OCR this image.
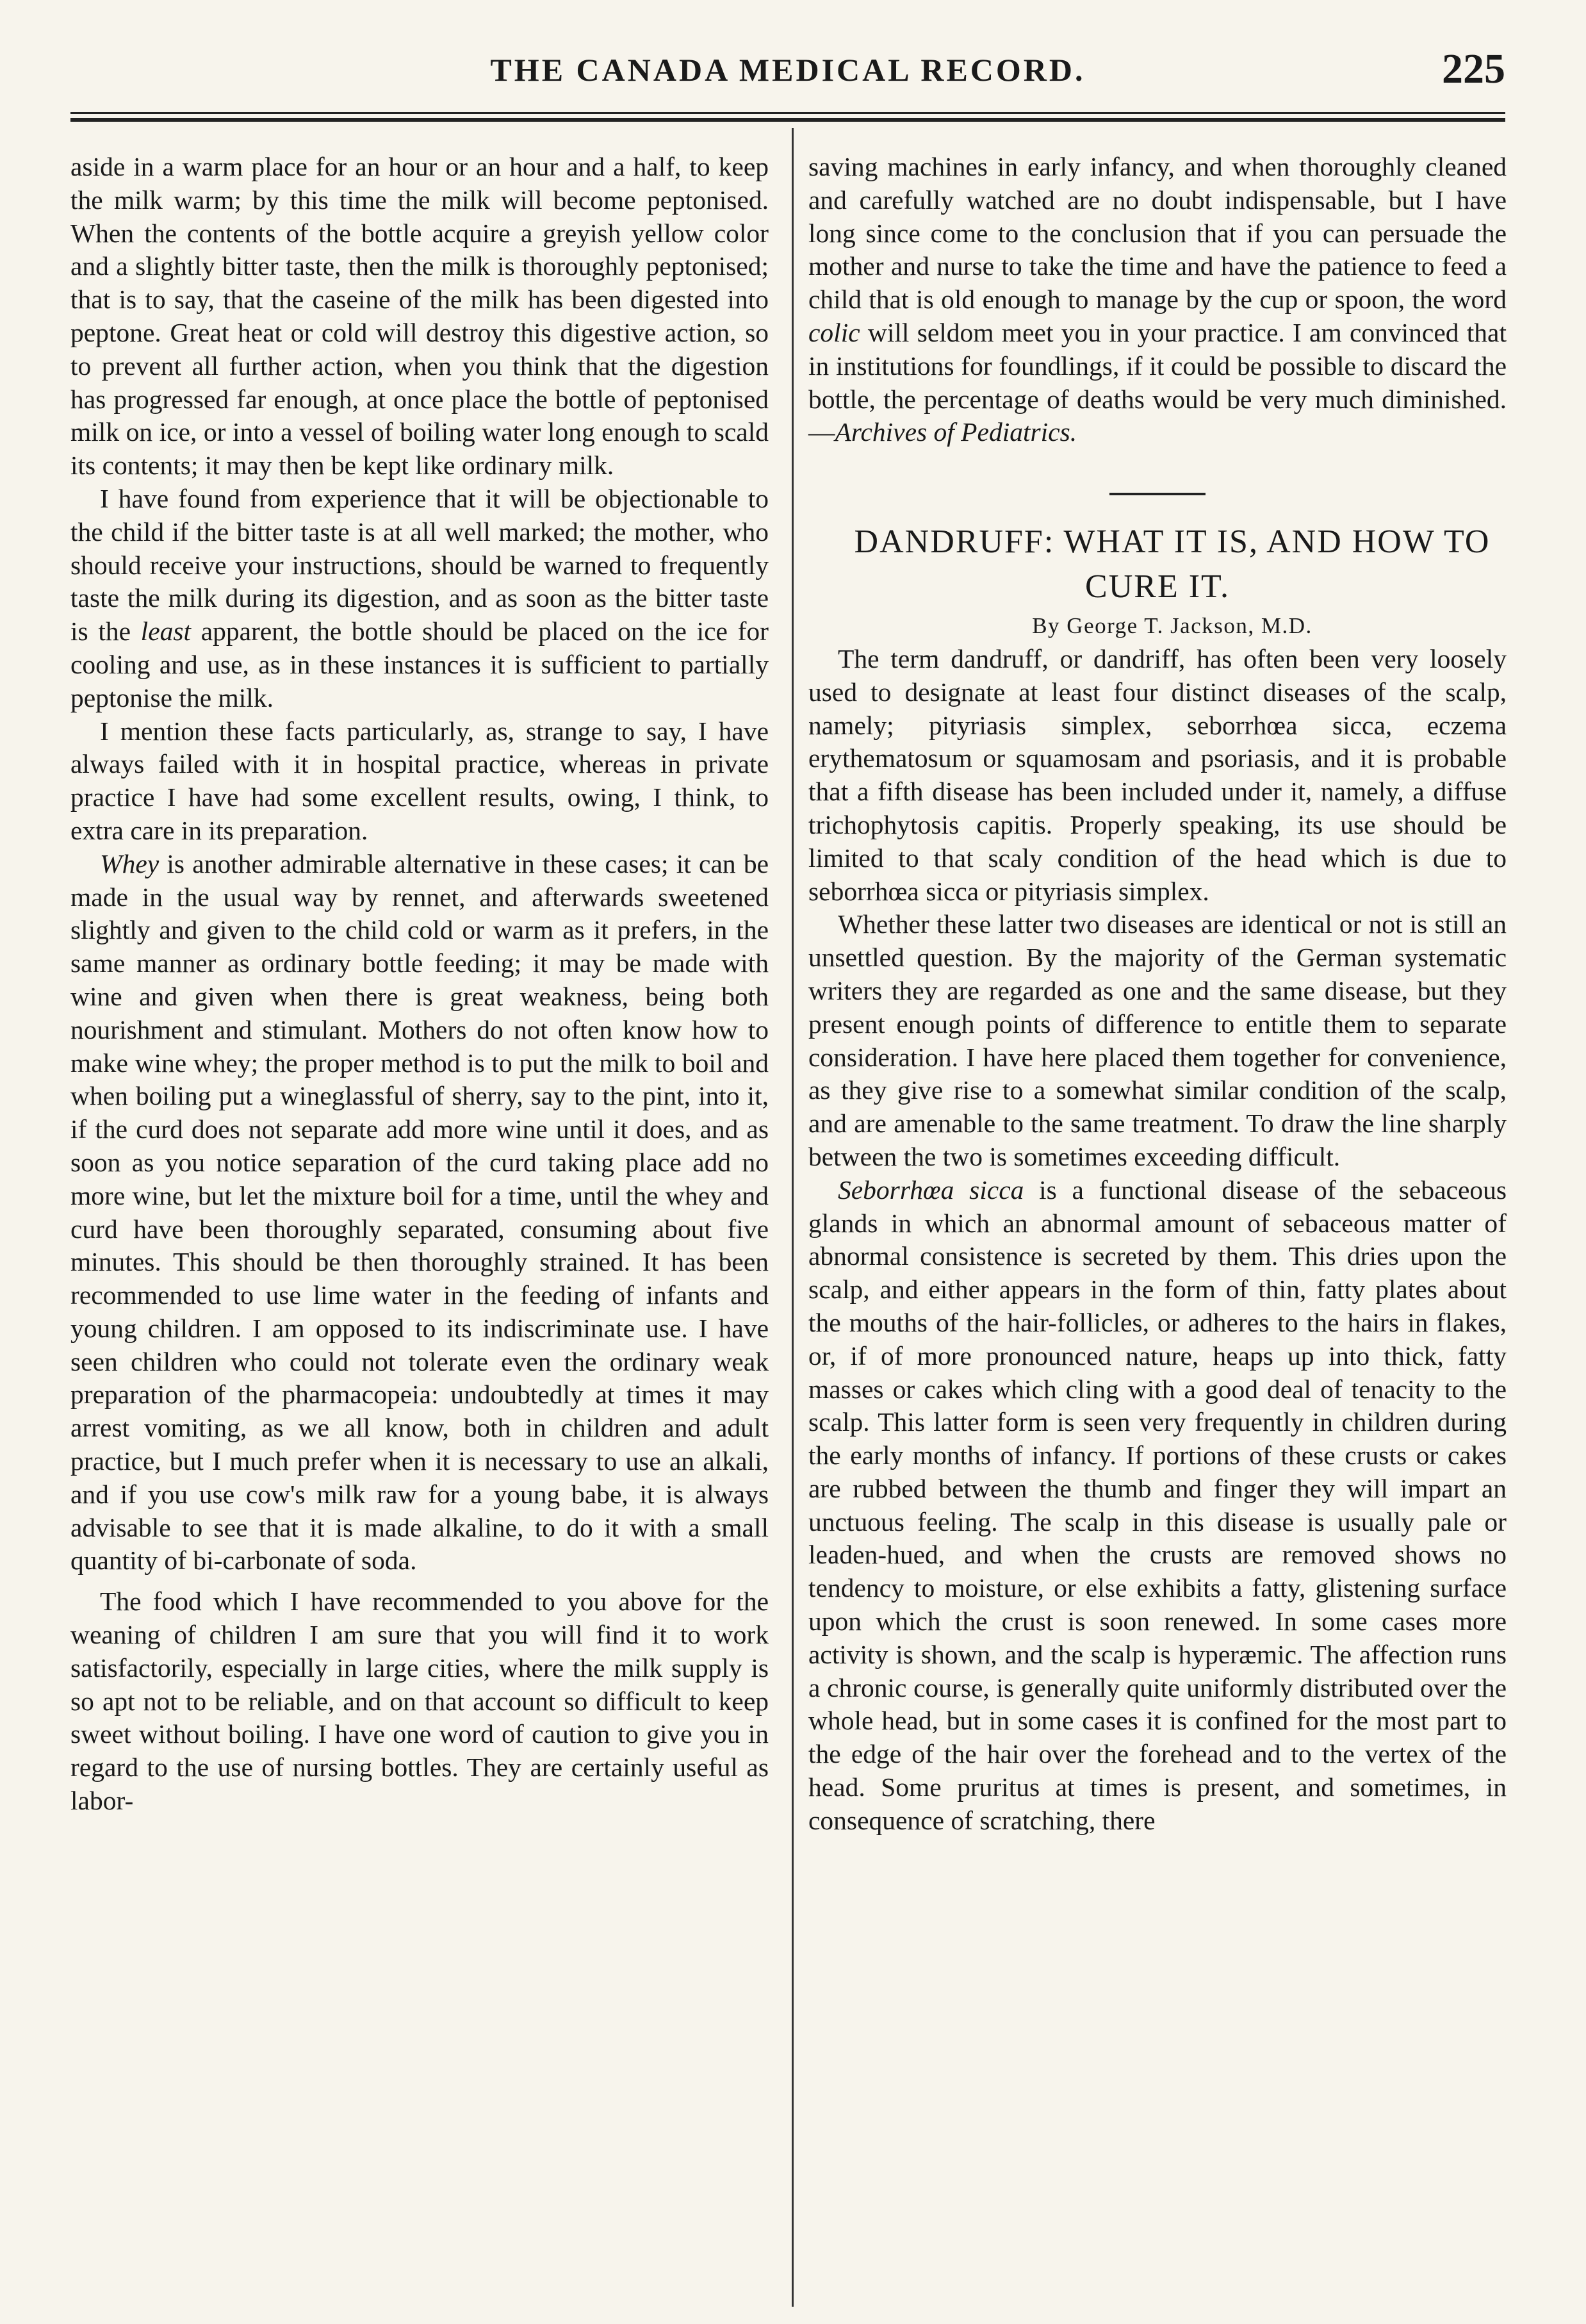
THE CANADA MEDICAL RECORD.	225

aside in a warm place for an hour or an hour and a half, to keep the milk warm; by this time the milk will become peptonised. When the contents of the bottle acquire a greyish yellow color and a slightly bitter taste, then the milk is thoroughly peptonised; that is to say, that the caseine of the milk has been digested into peptone. Great heat or cold will destroy this digestive action, so to prevent all further action, when you think that the digestion has progressed far enough, at once place the bottle of peptonised milk on ice, or into a vessel of boiling water long enough to scald its contents; it may then be kept like ordinary milk.

I have found from experience that it will be objectionable to the child if the bitter taste is at all well marked; the mother, who should receive your instructions, should be warned to frequently taste the milk during its digestion, and as soon as the bitter taste is the least apparent, the bottle should be placed on the ice for cooling and use, as in these instances it is sufficient to partially peptonise the milk.

I mention these facts particularly, as, strange to say, I have always failed with it in hospital practice, whereas in private practice I have had some excellent results, owing, I think, to extra care in its preparation.

Whey is another admirable alternative in these cases; it can be made in the usual way by rennet, and afterwards sweetened slightly and given to the child cold or warm as it prefers, in the same manner as ordinary bottle feeding; it may be made with wine and given when there is great weakness, being both nourishment and stimulant. Mothers do not often know how to make wine whey; the proper method is to put the milk to boil and when boiling put a wineglassful of sherry, say to the pint, into it, if the curd does not separate add more wine until it does, and as soon as you notice separation of the curd taking place add no more wine, but let the mixture boil for a time, until the whey and curd have been thoroughly separated, consuming about five minutes. This should be then thoroughly strained. It has been recommended to use lime water in the feeding of infants and young children. I am opposed to its indiscriminate use. I have seen children who could not tolerate even the ordinary weak preparation of the pharmacopeia: undoubtedly at times it may arrest vomiting, as we all know, both in children and adult practice, but I much prefer when it is necessary to use an alkali, and if you use cow's milk raw for a young babe, it is always advisable to see that it is made alkaline, to do it with a small quantity of bi-carbonate of soda.

The food which I have recommended to you above for the weaning of children I am sure that you will find it to work satisfactorily, especially in large cities, where the milk supply is so apt not to be reliable, and on that account so difficult to keep sweet without boiling. I have one word of caution to give you in regard to the use of nursing bottles. They are certainly useful as labor-

saving machines in early infancy, and when thoroughly cleaned and carefully watched are no doubt indispensable, but I have long since come to the conclusion that if you can persuade the mother and nurse to take the time and have the patience to feed a child that is old enough to manage by the cup or spoon, the word colic will seldom meet you in your practice. I am convinced that in institutions for foundlings, if it could be possible to discard the bottle, the percentage of deaths would be very much diminished.—Archives of Pediatrics.

DANDRUFF: WHAT IT IS, AND HOW TO
CURE IT.

By George T. Jackson, M.D.

The term dandruff, or dandriff, has often been very loosely used to designate at least four distinct diseases of the scalp, namely; pityriasis simplex, seborrhœa sicca, eczema erythematosum or squamosam and psoriasis, and it is probable that a fifth disease has been included under it, namely, a diffuse trichophytosis capitis. Properly speaking, its use should be limited to that scaly condition of the head which is due to seborrhœa sicca or pityriasis simplex.

Whether these latter two diseases are identical or not is still an unsettled question. By the majority of the German systematic writers they are regarded as one and the same disease, but they present enough points of difference to entitle them to separate consideration. I have here placed them together for convenience, as they give rise to a somewhat similar condition of the scalp, and are amenable to the same treatment. To draw the line sharply between the two is sometimes exceeding difficult.

Seborrhœa sicca is a functional disease of the sebaceous glands in which an abnormal amount of sebaceous matter of abnormal consistence is secreted by them. This dries upon the scalp, and either appears in the form of thin, fatty plates about the mouths of the hair-follicles, or adheres to the hairs in flakes, or, if of more pronounced nature, heaps up into thick, fatty masses or cakes which cling with a good deal of tenacity to the scalp. This latter form is seen very frequently in children during the early months of infancy. If portions of these crusts or cakes are rubbed between the thumb and finger they will impart an unctuous feeling. The scalp in this disease is usually pale or leaden-hued, and when the crusts are removed shows no tendency to moisture, or else exhibits a fatty, glistening surface upon which the crust is soon renewed. In some cases more activity is shown, and the scalp is hyperæmic. The affection runs a chronic course, is generally quite uniformly distributed over the whole head, but in some cases it is confined for the most part to the edge of the hair over the forehead and to the vertex of the head. Some pruritus at times is present, and sometimes, in consequence of scratching, there
